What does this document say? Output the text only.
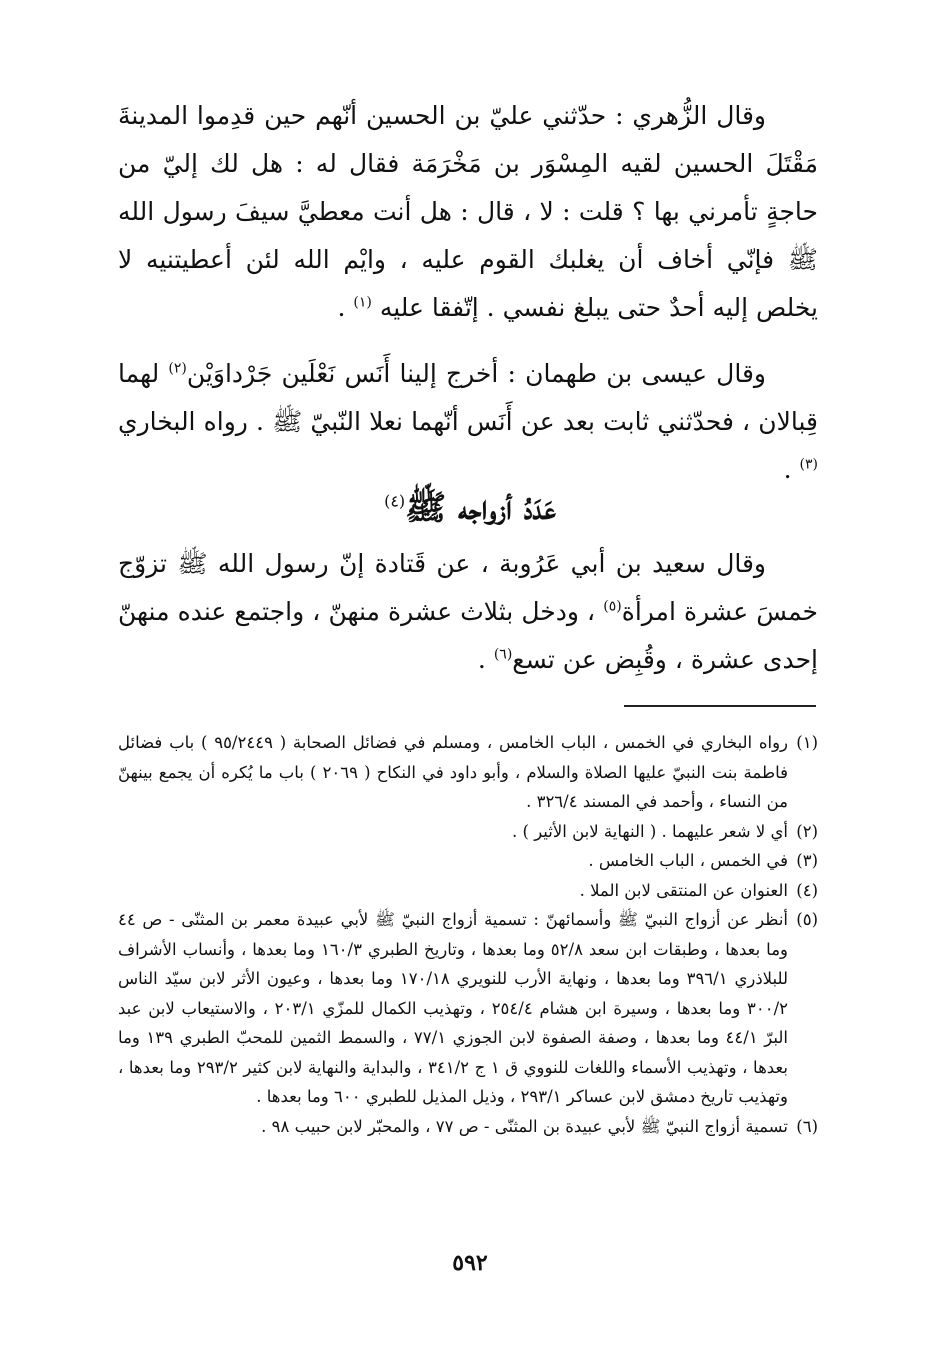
وقال الزُّهري : حدّثني عليّ بن الحسين أنّهم حين قدِموا المدينةَ مَقْتَلَ الحسين لقيه المِسْوَر بن مَخْرَمَة فقال له : هل لك إليّ من حاجةٍ تأمرني بها ؟ قلت : لا ، قال : هل أنت معطيَّ سيفَ رسول الله ﷺ فإنّي أخاف أن يغلبك القوم عليه ، وايْم الله لئن أعطيتنيه لا يخلص إليه أحدٌ حتى يبلغ نفسي . إتّفقا عليه $^{(١)}$ .

وقال عيسى بن طهمان : أخرج إلينا أَنَس نَعْلَين جَرْداوَيْن$^{(٢)}$ لهما قِبالان ، فحدّثني ثابت بعد عن أَنَس أنّهما نعلا النّبيّ ﷺ . رواه البخاري $^{(٣)}$ .

عَدَدُ أزواجه ﷺ$^{(٤)}$

وقال سعيد بن أبي عَرُوبة ، عن قَتادة إنّ رسول الله ﷺ تزوّج خمسَ عشرة امرأة$^{(٥)}$ ، ودخل بثلاث عشرة منهنّ ، واجتمع عنده منهنّ إحدى عشرة ، وقُبِض عن تسع$^{(٦)}$ .

(١)
رواه البخاري في الخمس ، الباب الخامس ، ومسلم في فضائل الصحابة ( ٩٥/٢٤٤٩ ) باب فضائل فاطمة بنت النبيّ عليها الصلاة والسلام ، وأبو داود في النكاح ( ٢٠٦٩ ) باب ما يُكره أن يجمع بينهنّ من النساء ، وأحمد في المسند ٣٢٦/٤ .

(٢)
أي لا شعر عليهما . ( النهاية لابن الأثير ) .

(٣)
في الخمس ، الباب الخامس .

(٤)
العنوان عن المنتقى لابن الملا .

(٥)
أنظر عن أزواج النبيّ ﷺ وأسمائهنّ : تسمية أزواج النبيّ ﷺ لأبي عبيدة معمر بن المثنّى - ص ٤٤ وما بعدها ، وطبقات ابن سعد ٥٢/٨ وما بعدها ، وتاريخ الطبري ١٦٠/٣ وما بعدها ، وأنساب الأشراف للبلاذري ٣٩٦/١ وما بعدها ، ونهاية الأرب للنويري ١٧٠/١٨ وما بعدها ، وعيون الأثر لابن سيّد الناس ٣٠٠/٢ وما بعدها ، وسيرة ابن هشام ٢٥٤/٤ ، وتهذيب الكمال للمزّي ٢٠٣/١ ، والاستيعاب لابن عبد البرّ ٤٤/١ وما بعدها ، وصفة الصفوة لابن الجوزي ٧٧/١ ، والسمط الثمين للمحبّ الطبري ١٣٩ وما بعدها ، وتهذيب الأسماء واللغات للنووي ق ١ ج ٣٤١/٢ ، والبداية والنهاية لابن كثير ٢٩٣/٢ وما بعدها ، وتهذيب تاريخ دمشق لابن عساكر ٢٩٣/١ ، وذيل المذيل للطبري ٦٠٠ وما بعدها .

(٦)
تسمية أزواج النبيّ ﷺ لأبي عبيدة بن المثنّى - ص ٧٧ ، والمحبّر لابن حبيب ٩٨ .

٥٩٢
